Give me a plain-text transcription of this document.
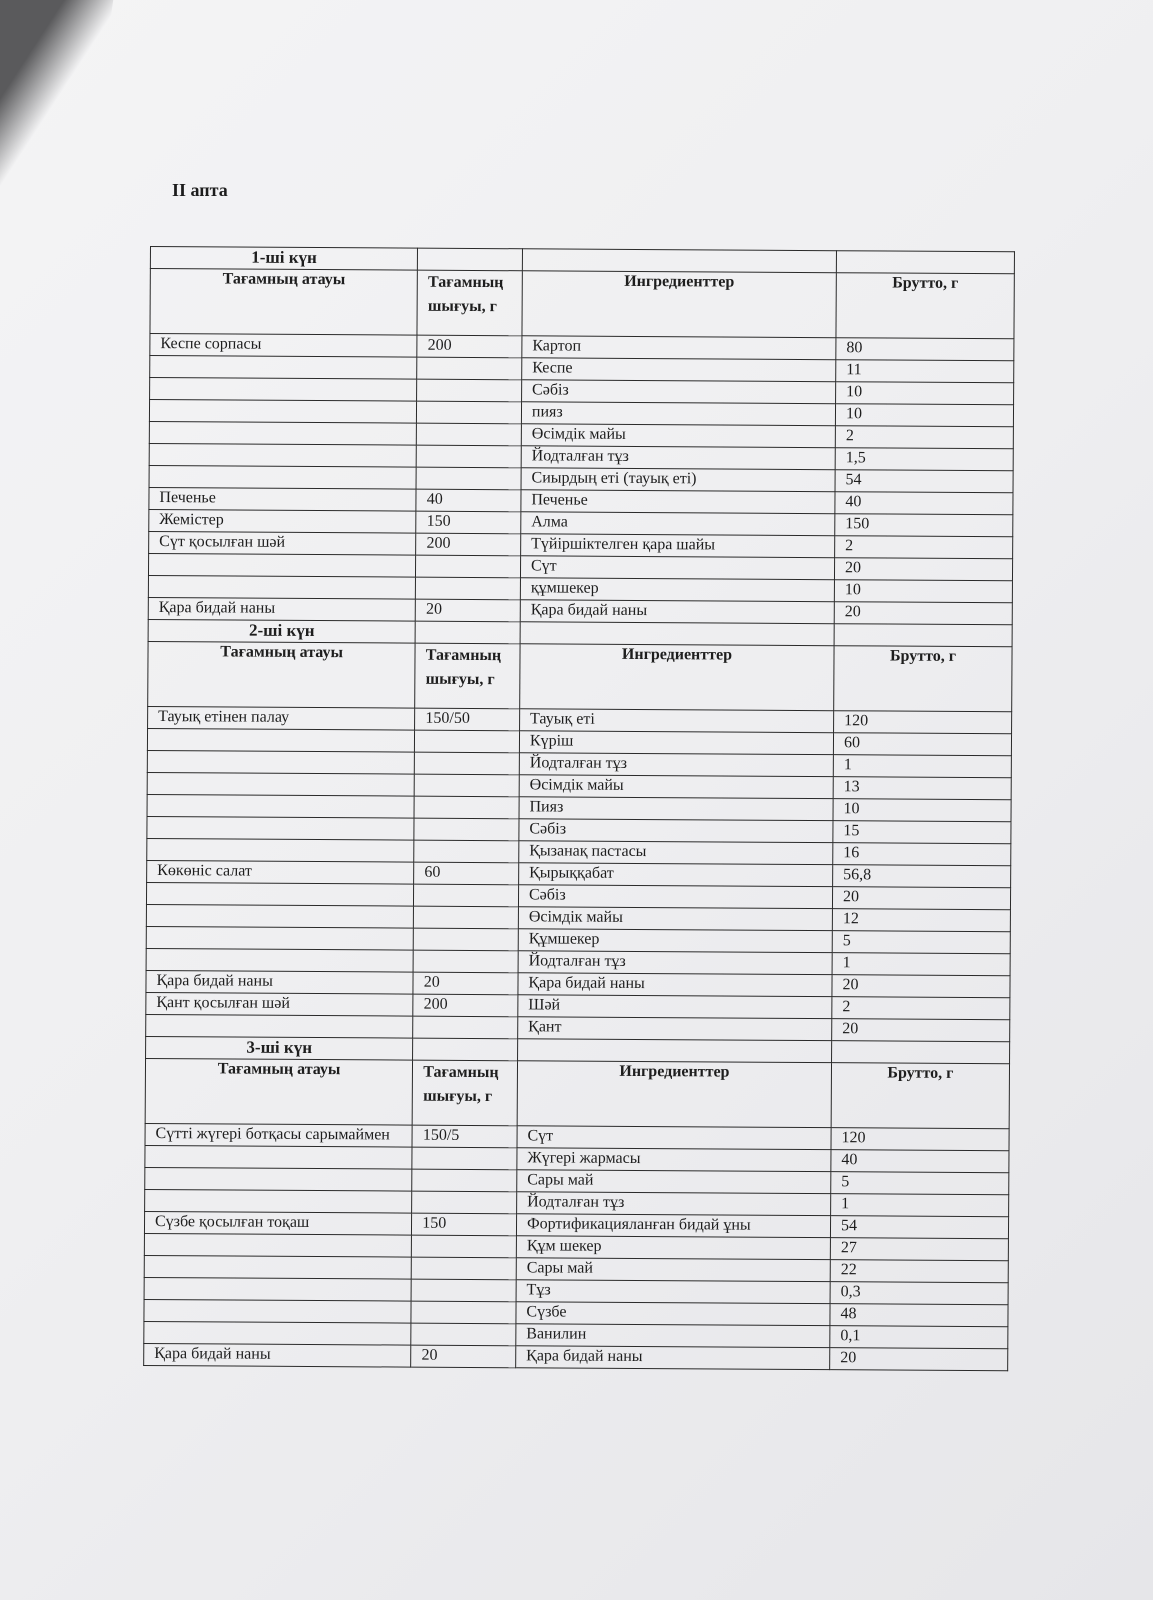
II апта
1-ші күн			
Тағамның атауы	Тағамның шығуы, г	Ингредиенттер	Брутто, г
Кеспе сорпасы	200	Картоп	80
		Кеспе	11
		Сәбіз	10
		пияз	10
		Өсімдік майы	2
		Йодталған тұз	1,5
		Сиырдың еті (тауық еті)	54
Печенье	40	Печенье	40
Жемістер	150	Алма	150
Сүт қосылған шәй	200	Түйіршіктелген қара шайы	2
		Сүт	20
		құмшекер	10
Қара бидай наны	20	Қара бидай наны	20
2-ші күн			
Тағамның атауы	Тағамның шығуы, г	Ингредиенттер	Брутто, г
Тауық етінен палау	150/50	Тауық еті	120
		Күріш	60
		Йодталған тұз	1
		Өсімдік майы	13
		Пияз	10
		Сәбіз	15
		Қызанақ пастасы	16
Көкөніс салат	60	Қырыққабат	56,8
		Сәбіз	20
		Өсімдік майы	12
		Құмшекер	5
		Йодталған тұз	1
Қара бидай наны	20	Қара бидай наны	20
Қант қосылған шәй	200	Шәй	2
		Қант	20
3-ші күн			
Тағамның атауы	Тағамның шығуы, г	Ингредиенттер	Брутто, г
Сүтті жүгері ботқасы сарымаймен	150/5	Сүт	120
		Жүгері жармасы	40
		Сары май	5
		Йодталған тұз	1
Сүзбе қосылған тоқаш	150	Фортификацияланған бидай ұны	54
		Құм шекер	27
		Сары май	22
		Тұз	0,3
		Сүзбе	48
		Ванилин	0,1
Қара бидай наны	20	Қара бидай наны	20
